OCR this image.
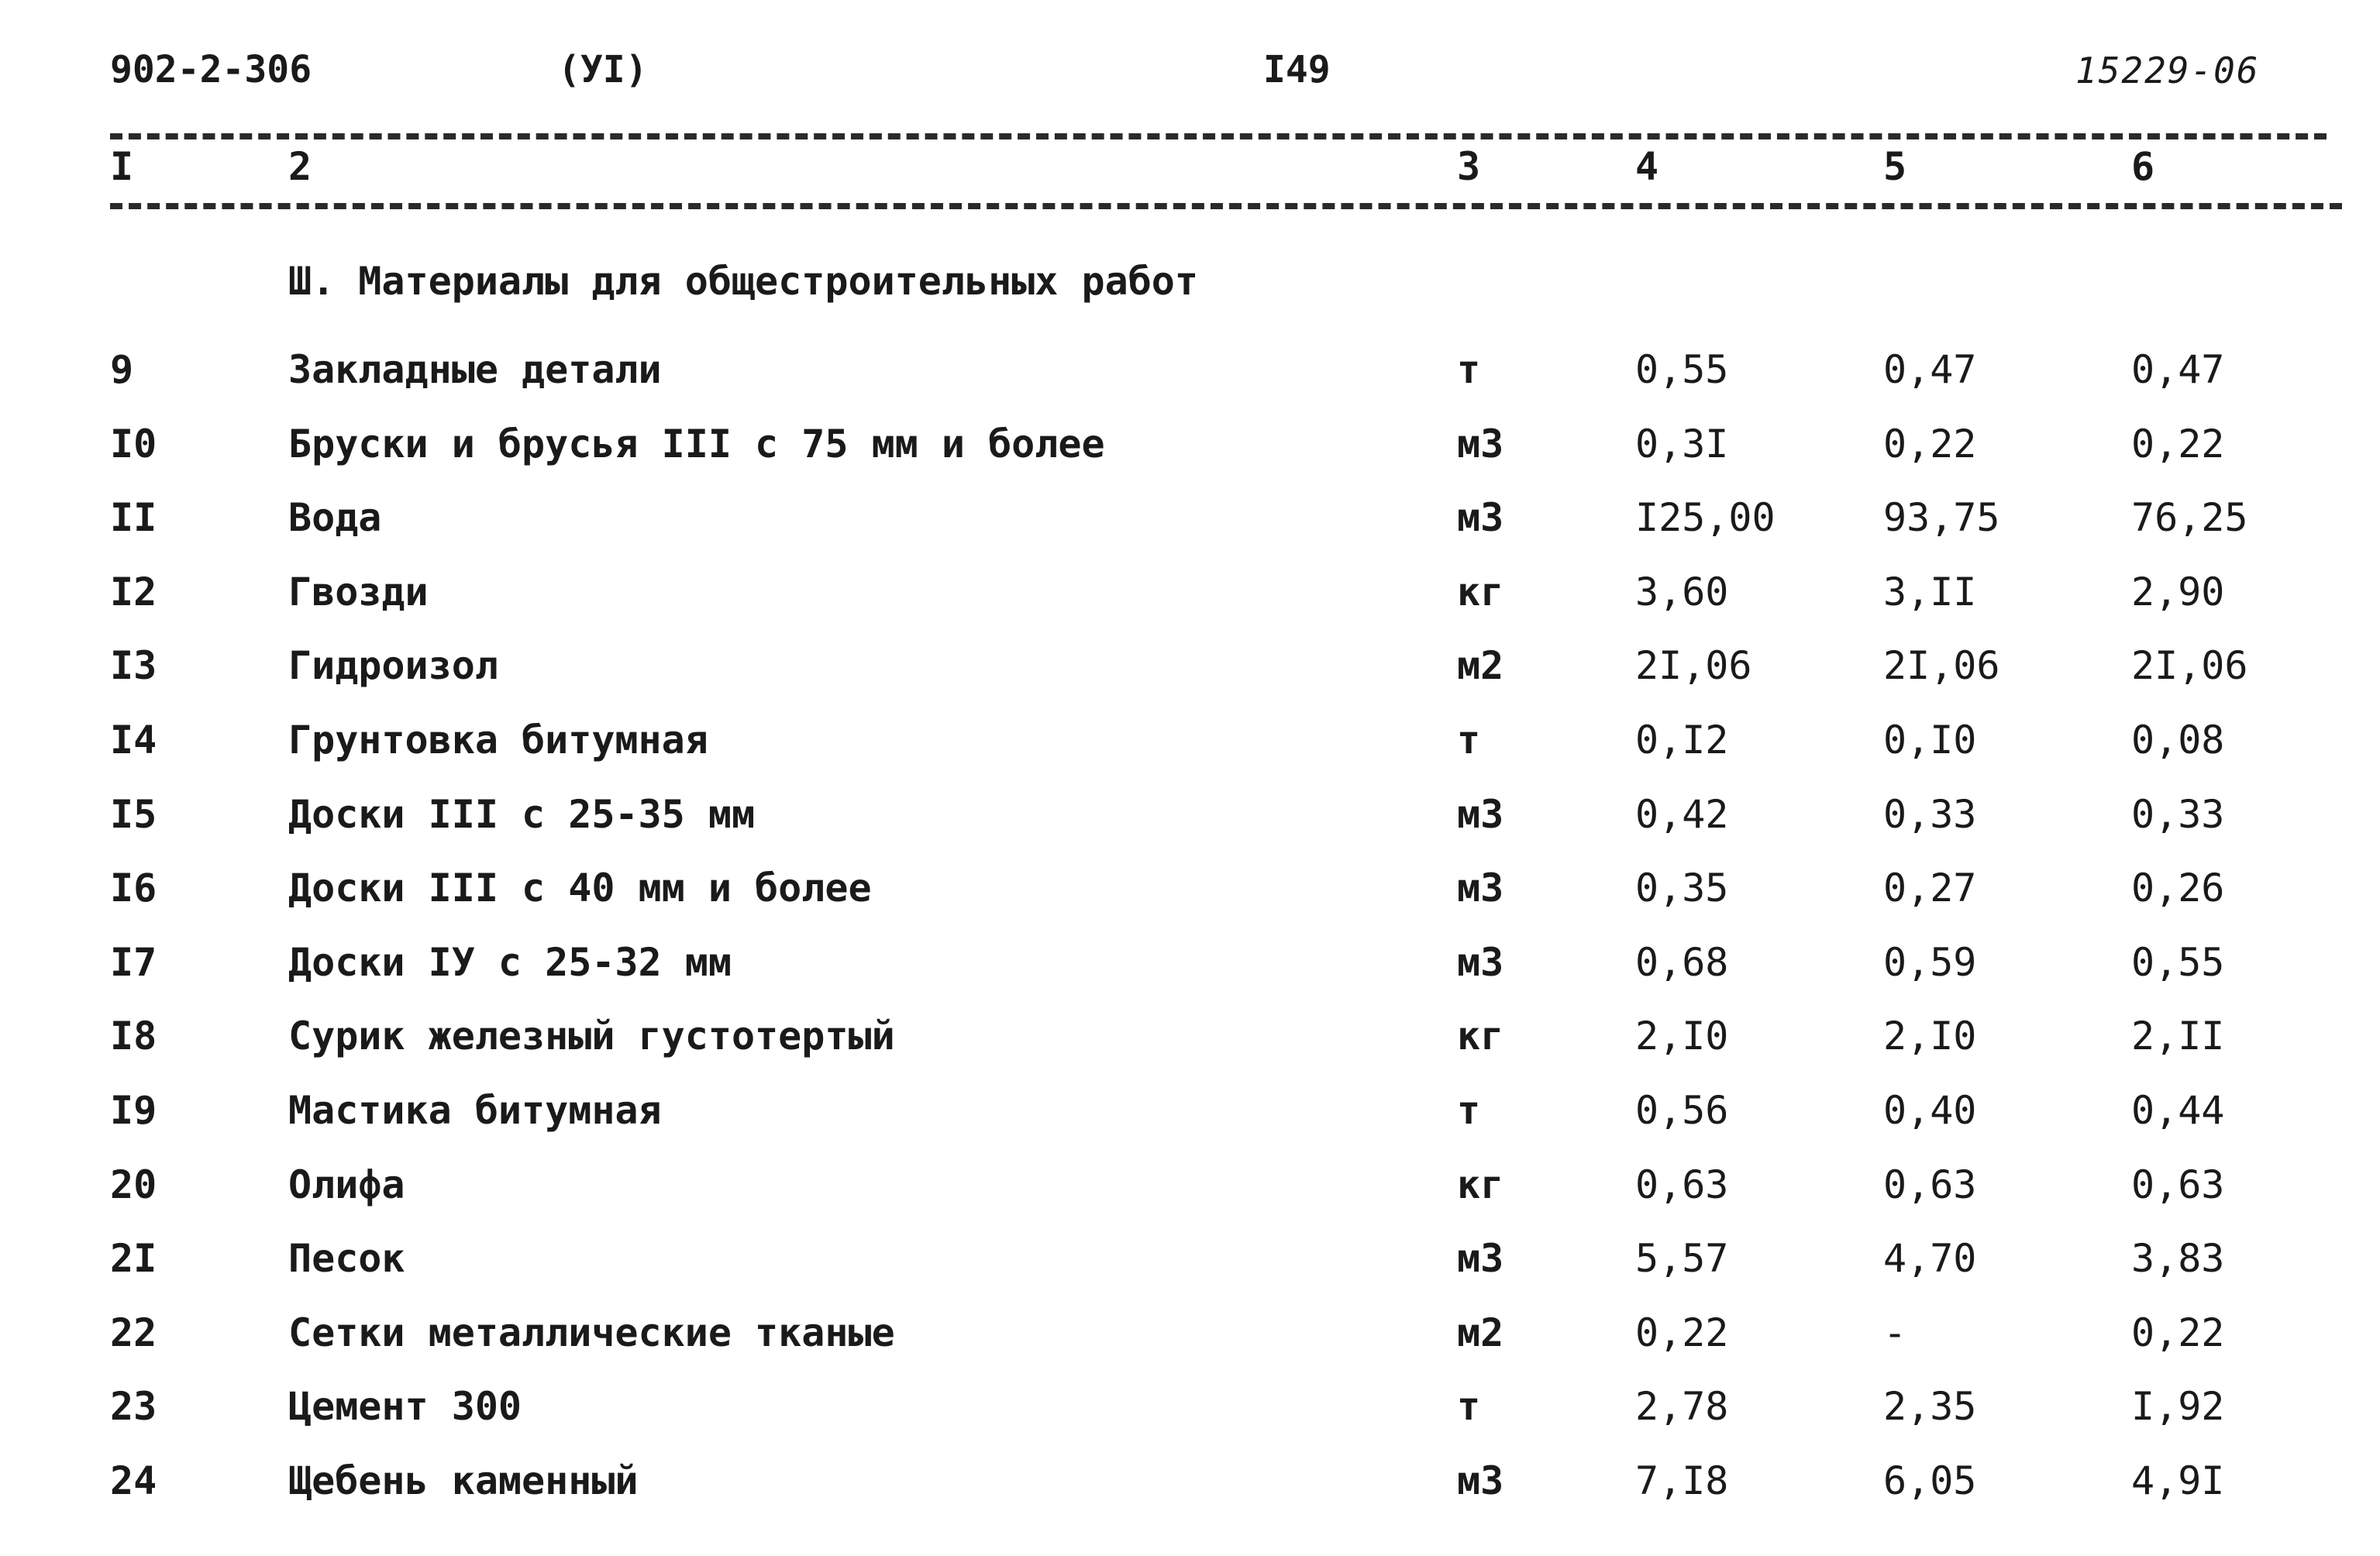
902-2-306	(УI)	I49	15229-06
I	2	3	4	5	6
Ш. Материалы для общестроительных работ
9	Закладные детали	т	0,55	0,47	0,47
I0	Бруски и брусья III с 75 мм и более	м3	0,3I	0,22	0,22
II	Вода	м3	I25,00	93,75	76,25
I2	Гвозди	кг	3,60	3,II	2,90
I3	Гидроизол	м2	2I,06	2I,06	2I,06
I4	Грунтовка битумная	т	0,I2	0,I0	0,08
I5	Доски III с 25-35 мм	м3	0,42	0,33	0,33
I6	Доски III с 40 мм и более	м3	0,35	0,27	0,26
I7	Доски IУ с 25-32 мм	м3	0,68	0,59	0,55
I8	Сурик железный густотертый	кг	2,I0	2,I0	2,II
I9	Мастика битумная	т	0,56	0,40	0,44
20	Олифа	кг	0,63	0,63	0,63
2I	Песок	м3	5,57	4,70	3,83
22	Сетки металлические тканые	м2	0,22	-	0,22
23	Цемент 300	т	2,78	2,35	I,92
24	Щебень каменный	м3	7,I8	6,05	4,9I
